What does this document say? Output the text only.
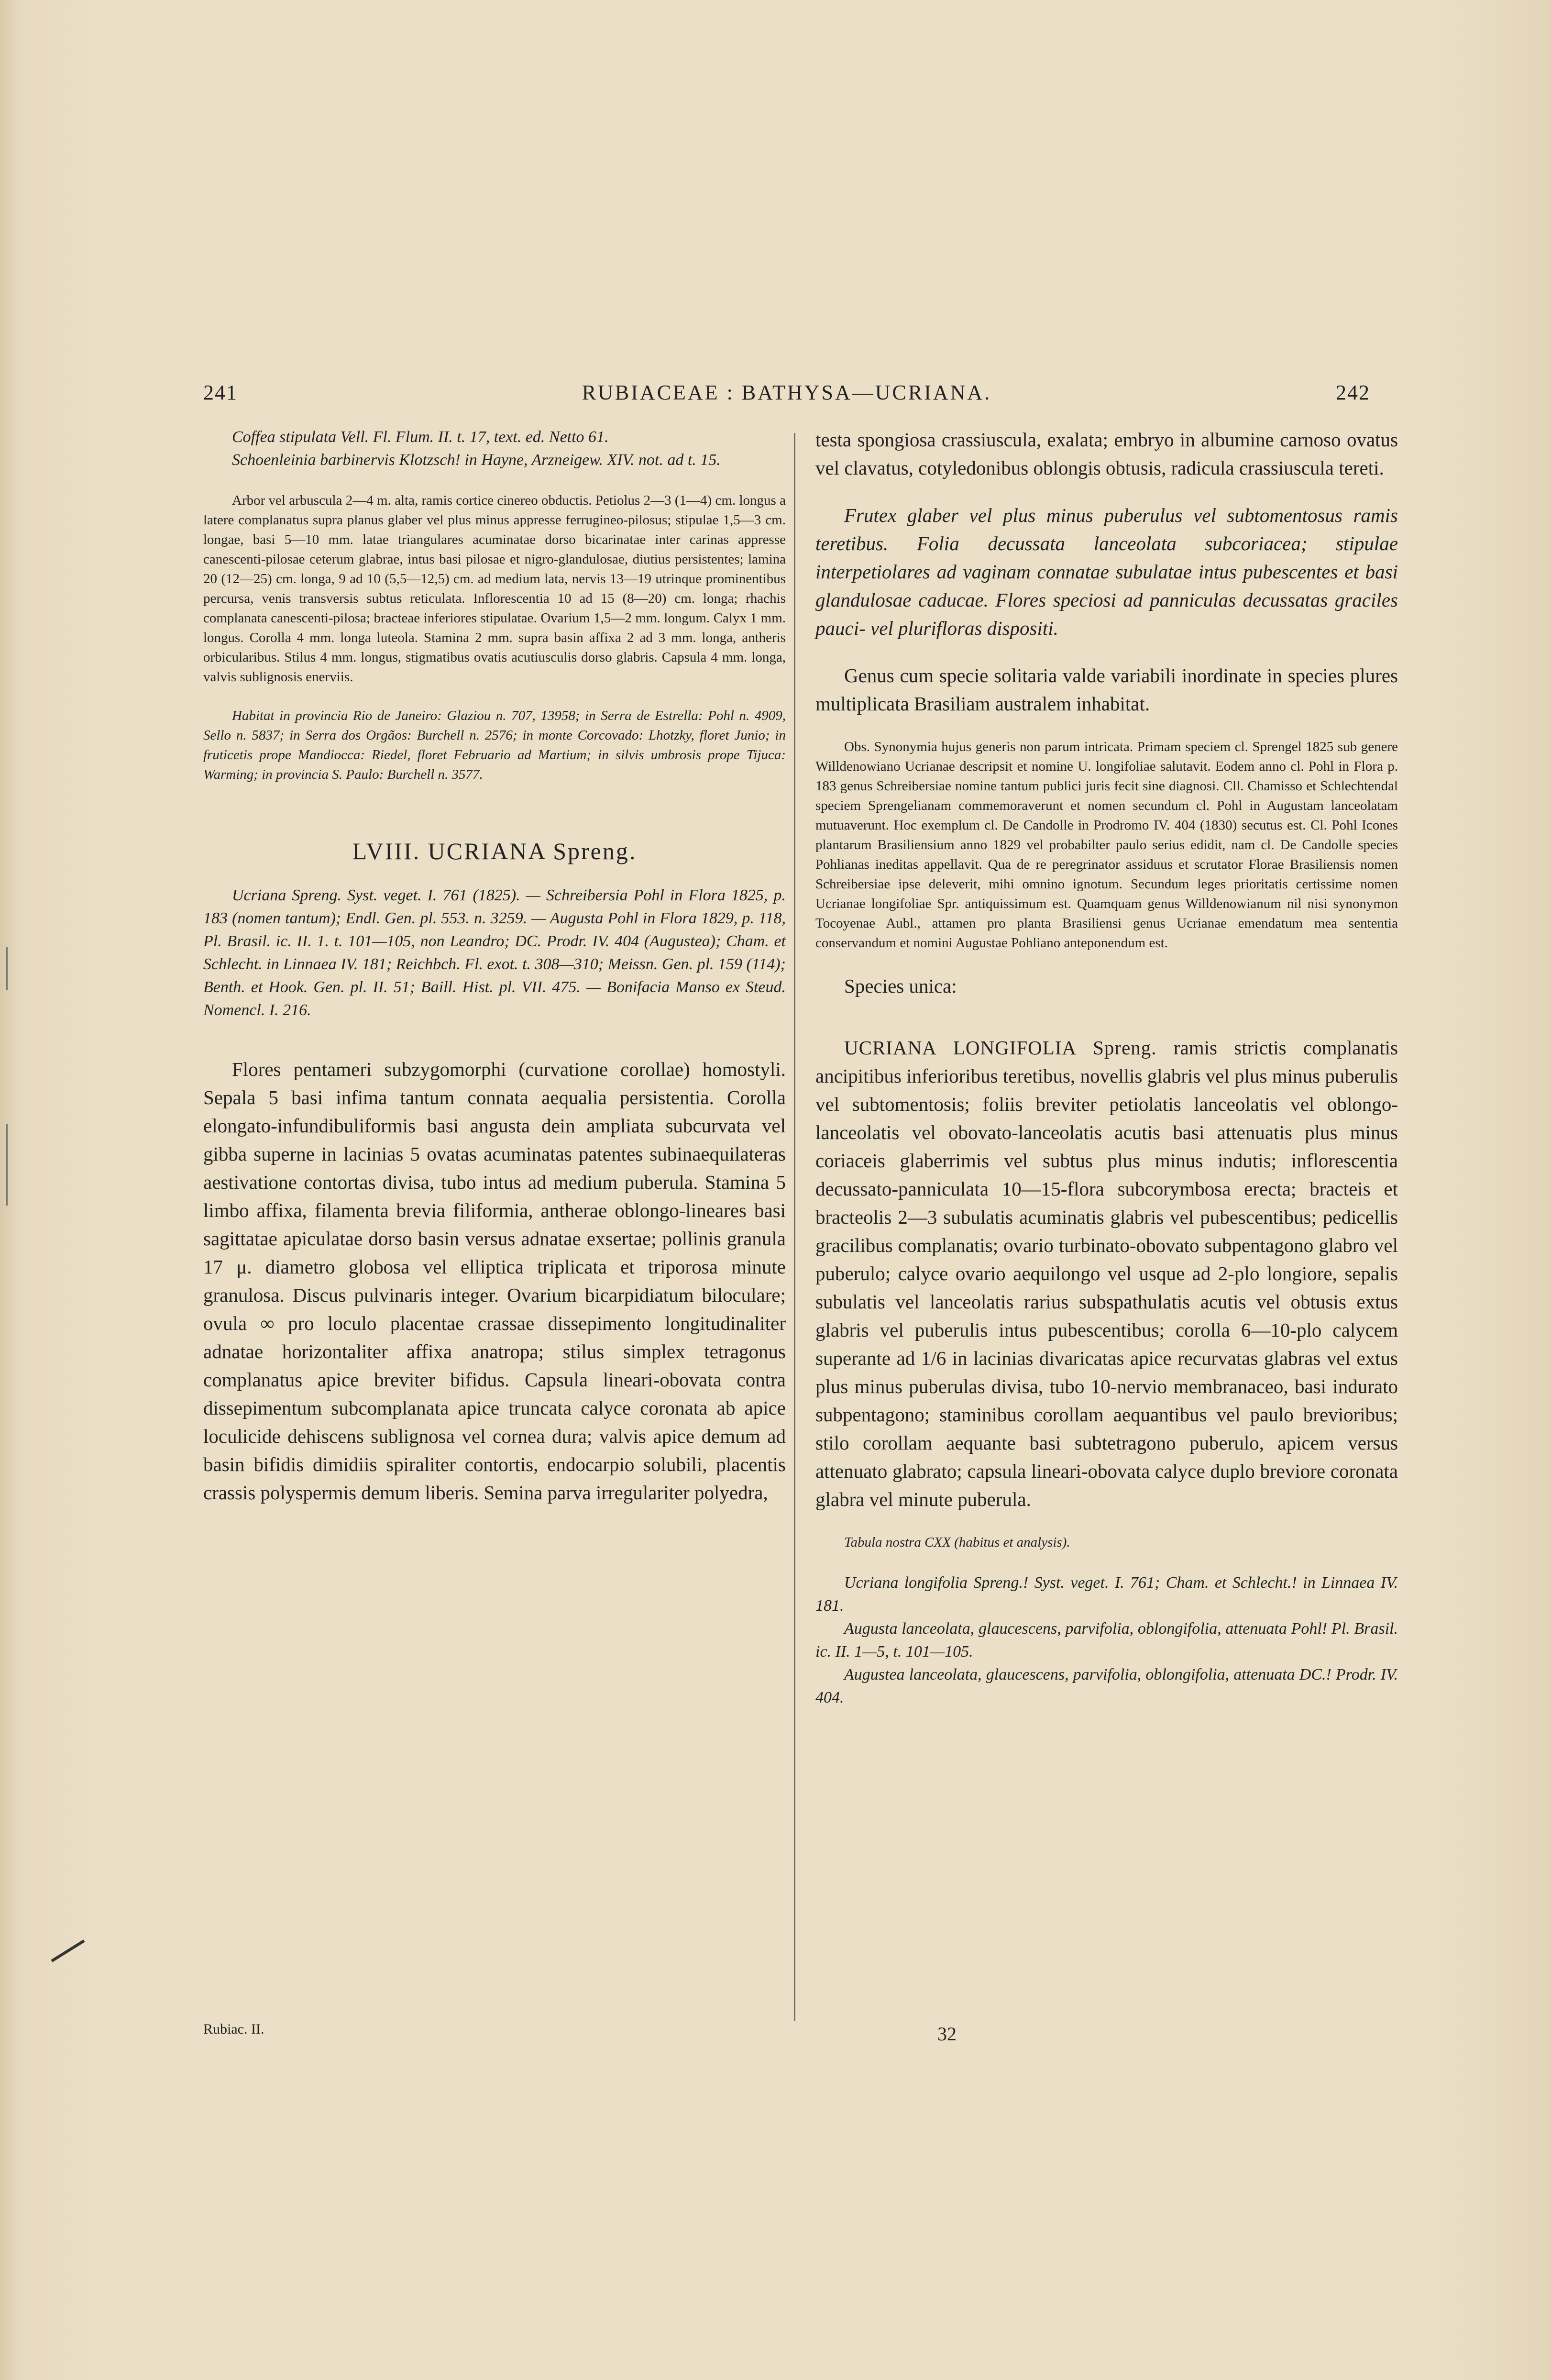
241	RUBIACEAE : BATHYSA—UCRIANA.	242

Coffea stipulata Vell. Fl. Flum. II. t. 17, text. ed. Netto 61.

Schoenleinia barbinervis Klotzsch! in Hayne, Arzneigew. XIV. not. ad t. 15.

Arbor vel arbuscula 2—4 m. alta, ramis cortice cinereo obductis. Petiolus 2—3 (1—4) cm. longus a latere complanatus supra planus glaber vel plus minus appresse ferrugineo-pilosus; stipulae 1,5—3 cm. longae, basi 5—10 mm. latae triangulares acuminatae dorso bicarinatae inter carinas appresse canescenti-pilosae ceterum glabrae, intus basi pilosae et nigro-glandulosae, diutius persistentes; lamina 20 (12—25) cm. longa, 9 ad 10 (5,5—12,5) cm. ad medium lata, nervis 13—19 utrinque prominentibus percursa, venis transversis subtus reticulata. Inflorescentia 10 ad 15 (8—20) cm. longa; rhachis complanata canescenti-pilosa; bracteae inferiores stipulatae. Ovarium 1,5—2 mm. longum. Calyx 1 mm. longus. Corolla 4 mm. longa luteola. Stamina 2 mm. supra basin affixa 2 ad 3 mm. longa, antheris orbicularibus. Stilus 4 mm. longus, stigmatibus ovatis acutiusculis dorso glabris. Capsula 4 mm. longa, valvis sublignosis enerviis.

Habitat in provincia Rio de Janeiro: Glaziou n. 707, 13958; in Serra de Estrella: Pohl n. 4909, Sello n. 5837; in Serra dos Orgãos: Burchell n. 2576; in monte Corcovado: Lhotzky, floret Junio; in fruticetis prope Mandiocca: Riedel, floret Februario ad Martium; in silvis umbrosis prope Tijuca: Warming; in provincia S. Paulo: Burchell n. 3577.

LVIII. UCRIANA Spreng.

Ucriana Spreng. Syst. veget. I. 761 (1825). — Schreibersia Pohl in Flora 1825, p. 183 (nomen tantum); Endl. Gen. pl. 553. n. 3259. — Augusta Pohl in Flora 1829, p. 118, Pl. Brasil. ic. II. 1. t. 101—105, non Leandro; DC. Prodr. IV. 404 (Augustea); Cham. et Schlecht. in Linnaea IV. 181; Reichbch. Fl. exot. t. 308—310; Meissn. Gen. pl. 159 (114); Benth. et Hook. Gen. pl. II. 51; Baill. Hist. pl. VII. 475. — Bonifacia Manso ex Steud. Nomencl. I. 216.

Flores pentameri subzygomorphi (curvatione corollae) homostyli. Sepala 5 basi infima tantum connata aequalia persistentia. Corolla elongato-infundibuliformis basi angusta dein ampliata subcurvata vel gibba superne in lacinias 5 ovatas acuminatas patentes subinaequilateras aestivatione contortas divisa, tubo intus ad medium puberula. Stamina 5 limbo affixa, filamenta brevia filiformia, antherae oblongo-lineares basi sagittatae apiculatae dorso basin versus adnatae exsertae; pollinis granula 17 μ. diametro globosa vel elliptica triplicata et triporosa minute granulosa. Discus pulvinaris integer. Ovarium bicarpidiatum biloculare; ovula ∞ pro loculo placentae crassae dissepimento longitudinaliter adnatae horizontaliter affixa anatropa; stilus simplex tetragonus complanatus apice breviter bifidus. Capsula lineari-obovata contra dissepimentum subcomplanata apice truncata calyce coronata ab apice loculicide dehiscens sublignosa vel cornea dura; valvis apice demum ad basin bifidis dimidiis spiraliter contortis, endocarpio solubili, placentis crassis polyspermis demum liberis. Semina parva irregulariter polyedra,

Rubiac. II.

testa spongiosa crassiuscula, exalata; embryo in albumine carnoso ovatus vel clavatus, cotyledonibus oblongis obtusis, radicula crassiuscula tereti.

Frutex glaber vel plus minus puberulus vel subtomentosus ramis teretibus. Folia decussata lanceolata subcoriacea; stipulae interpetiolares ad vaginam connatae subulatae intus pubescentes et basi glandulosae caducae. Flores speciosi ad panniculas decussatas graciles pauci- vel plurifloras dispositi.

Genus cum specie solitaria valde variabili inordinate in species plures multiplicata Brasiliam australem inhabitat.

Obs. Synonymia hujus generis non parum intricata. Primam speciem cl. Sprengel 1825 sub genere Willdenowiano Ucrianae descripsit et nomine U. longifoliae salutavit. Eodem anno cl. Pohl in Flora p. 183 genus Schreibersiae nomine tantum publici juris fecit sine diagnosi. Cll. Chamisso et Schlechtendal speciem Sprengelianam commemoraverunt et nomen secundum cl. Pohl in Augustam lanceolatam mutuaverunt. Hoc exemplum cl. De Candolle in Prodromo IV. 404 (1830) secutus est. Cl. Pohl Icones plantarum Brasiliensium anno 1829 vel probabilter paulo serius edidit, nam cl. De Candolle species Pohlianas ineditas appellavit. Qua de re peregrinator assiduus et scrutator Florae Brasiliensis nomen Schreibersiae ipse deleverit, mihi omnino ignotum. Secundum leges prioritatis certissime nomen Ucrianae longifoliae Spr. antiquissimum est. Quamquam genus Willdenowianum nil nisi synonymon Tocoyenae Aubl., attamen pro planta Brasiliensi genus Ucrianae emendatum mea sententia conservandum et nomini Augustae Pohliano anteponendum est.

Species unica:

UCRIANA LONGIFOLIA Spreng. ramis strictis complanatis ancipitibus inferioribus teretibus, novellis glabris vel plus minus puberulis vel subtomentosis; foliis breviter petiolatis lanceolatis vel oblongo-lanceolatis vel obovato-lanceolatis acutis basi attenuatis plus minus coriaceis glaberrimis vel subtus plus minus indutis; inflorescentia decussato-panniculata 10—15-flora subcorymbosa erecta; bracteis et bracteolis 2—3 subulatis acuminatis glabris vel pubescentibus; pedicellis gracilibus complanatis; ovario turbinato-obovato subpentagono glabro vel puberulo; calyce ovario aequilongo vel usque ad 2-plo longiore, sepalis subulatis vel lanceolatis rarius subspathulatis acutis vel obtusis extus glabris vel puberulis intus pubescentibus; corolla 6—10-plo calycem superante ad 1/6 in lacinias divaricatas apice recurvatas glabras vel extus plus minus puberulas divisa, tubo 10-nervio membranaceo, basi indurato subpentagono; staminibus corollam aequantibus vel paulo brevioribus; stilo corollam aequante basi subtetragono puberulo, apicem versus attenuato glabrato; capsula lineari-obovata calyce duplo breviore coronata glabra vel minute puberula.

Tabula nostra CXX (habitus et analysis).

Ucriana longifolia Spreng.! Syst. veget. I. 761; Cham. et Schlecht.! in Linnaea IV. 181.

Augusta lanceolata, glaucescens, parvifolia, oblongifolia, attenuata Pohl! Pl. Brasil. ic. II. 1—5, t. 101—105.

Augustea lanceolata, glaucescens, parvifolia, oblongifolia, attenuata DC.! Prodr. IV. 404.

32
